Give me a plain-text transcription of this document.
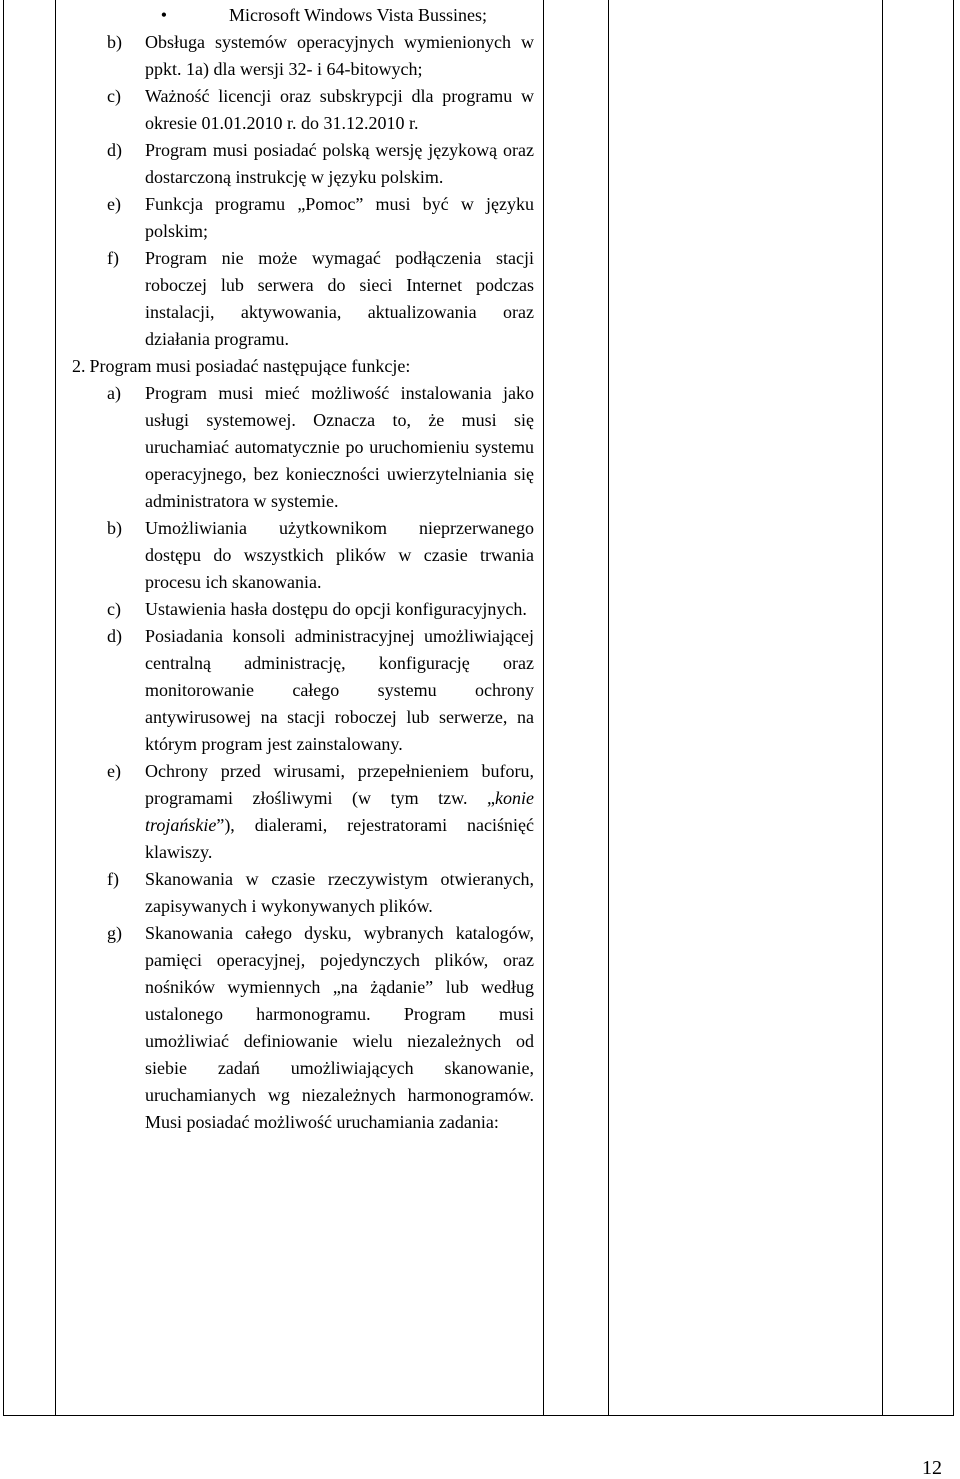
•	Microsoft Windows Vista Bussines;
b)	Obsługa systemów operacyjnych wymienionych w ppkt. 1a) dla wersji 32- i 64-bitowych;
c)	Ważność licencji oraz subskrypcji dla programu w okresie 01.01.2010 r. do 31.12.2010 r.
d)	Program musi posiadać polską wersję językową oraz dostarczoną instrukcję w języku polskim.
e)	Funkcja programu „Pomoc” musi być w języku polskim;
f)	Program nie może wymagać podłączenia stacji roboczej lub serwera do sieci Internet podczas instalacji, aktywowania, aktualizowania oraz działania programu.
2. Program musi posiadać następujące funkcje:
a)	Program musi mieć możliwość instalowania jako usługi systemowej. Oznacza to, że musi się uruchamiać automatycznie po uruchomieniu systemu operacyjnego, bez konieczności uwierzytelniania się administratora w systemie.
b)	Umożliwiania użytkownikom nieprzerwanego dostępu do wszystkich plików w czasie trwania procesu ich skanowania.
c)	Ustawienia hasła dostępu do opcji konfiguracyjnych.
d)	Posiadania konsoli administracyjnej umożliwiającej centralną administrację, konfigurację oraz monitorowanie całego systemu ochrony antywirusowej na stacji roboczej lub serwerze, na którym program jest zainstalowany.
e)	Ochrony przed wirusami, przepełnieniem buforu, programami złośliwymi (w tym tzw. „konie trojańskie”), dialerami, rejestratorami naciśnięć klawiszy.
f)	Skanowania w czasie rzeczywistym otwieranych, zapisywanych i wykonywanych plików.
g)	Skanowania całego dysku, wybranych katalogów, pamięci operacyjnej, pojedynczych plików, oraz nośników wymiennych „na żądanie” lub według ustalonego harmonogramu. Program musi umożliwiać definiowanie wielu niezależnych od siebie zadań umożliwiających skanowanie, uruchamianych wg niezależnych harmonogramów. Musi posiadać możliwość uruchamiania zadania:
12
